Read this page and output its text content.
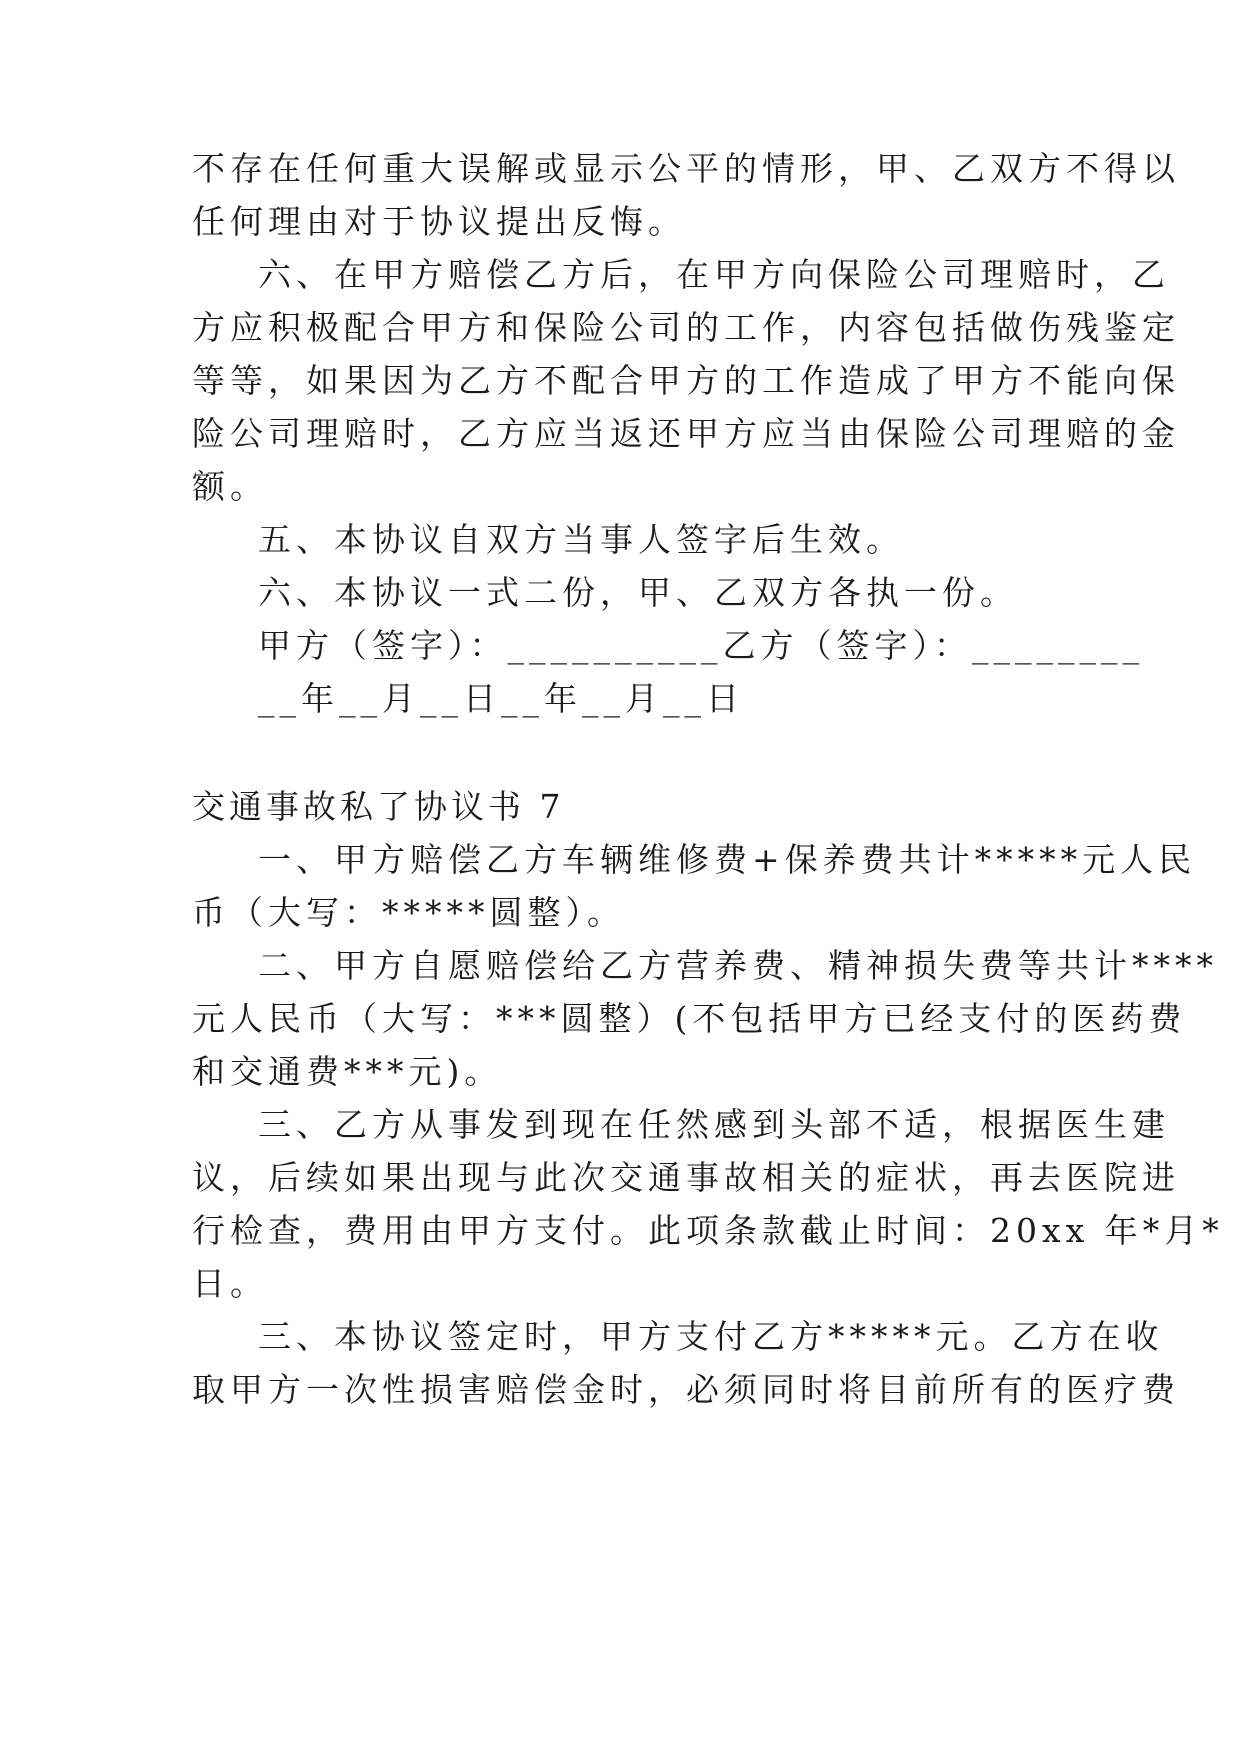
不存在任何重大误解或显示公平的情形，甲、乙双方不得以
任何理由对于协议提出反悔。
六、在甲方赔偿乙方后，在甲方向保险公司理赔时，乙
方应积极配合甲方和保险公司的工作，内容包括做伤残鉴定
等等，如果因为乙方不配合甲方的工作造成了甲方不能向保
险公司理赔时，乙方应当返还甲方应当由保险公司理赔的金
额。
五、本协议自双方当事人签字后生效。
六、本协议一式二份，甲、乙双方各执一份。
甲方（签字）：__________乙方（签字）：________
__年__月__日__年__月__日
交通事故私了协议书 7
一、甲方赔偿乙方车辆维修费+保养费共计*****元人民
币（大写：*****圆整）。
二、甲方自愿赔偿给乙方营养费、精神损失费等共计****
元人民币（大写：***圆整）(不包括甲方已经支付的医药费
和交通费***元)。
三、乙方从事发到现在任然感到头部不适，根据医生建
议，后续如果出现与此次交通事故相关的症状，再去医院进
行检查，费用由甲方支付。此项条款截止时间：20xx 年*月*
日。
三、本协议签定时，甲方支付乙方*****元。乙方在收
取甲方一次性损害赔偿金时，必须同时将目前所有的医疗费
